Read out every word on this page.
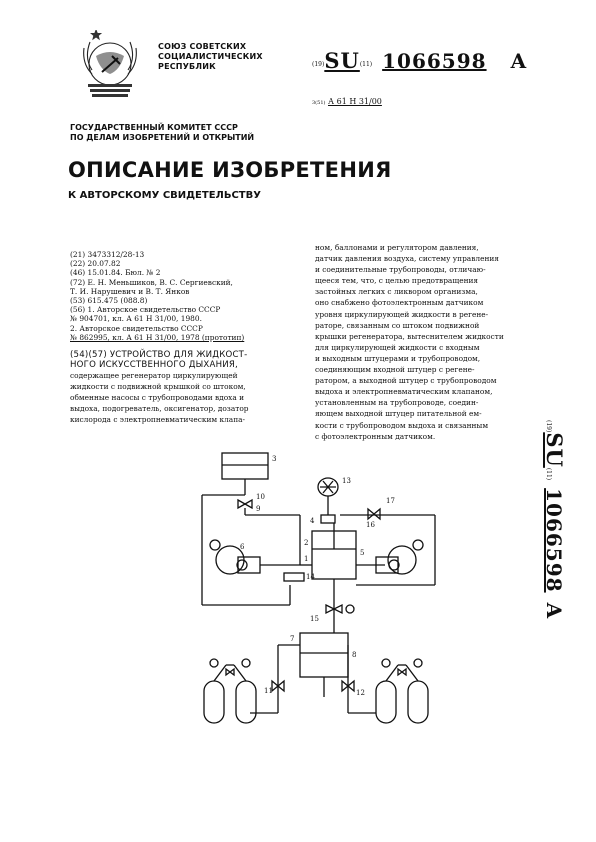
СОЮЗ СОВЕТСКИХ
СОЦИАЛИСТИЧЕСКИХ
РЕСПУБЛИК	(19)SU(11) 1066598 A
3(51) А 61 Н 31/00
ГОСУДАРСТВЕННЫЙ КОМИТЕТ СССР
ПО ДЕЛАМ ИЗОБРЕТЕНИЙ И ОТКРЫТИЙ
ОПИСАНИЕ ИЗОБРЕТЕНИЯ
К АВТОРСКОМУ СВИДЕТЕЛЬСТВУ
(21) 3473312/28-13
(22) 20.07.82
(46) 15.01.84. Бюл. № 2
(72) Е. Н. Меньшиков, В. С. Сергиевский,
Т. И. Нарушевич и В. Т. Янков
(53) 615.475 (088.8)
(56) 1. Авторское свидетельство СССР
№ 904701, кл. А 61 Н 31/00, 1980.
2. Авторское свидетельство СССР
№ 862995, кл. А 61 Н 31/00, 1978 (прототип)
(54)(57) УСТРОЙСТВО ДЛЯ ЖИДКОСТ-
НОГО ИСКУССТВЕННОГО ДЫХАНИЯ,
содержащее регенератор циркулирующей
жидкости с подвижной крышкой со штоком,
обменные насосы с трубопроводами вдоха и
выдоха, подогреватель, оксигенатор, дозатор
кислорода с электропневматическим клапа-
ном, баллонами и регулятором давления,
датчик давления воздуха, систему управления
и соединительные трубопроводы, отличаю-
щееся тем, что, с целью предотвращения
застойных легких с ликвором организма,
оно снабжено фотоэлектронным датчиком
уровня циркулирующей жидкости в регене-
раторе, связанным со штоком подвижной
крышки регенератора, вытеснителем жидкости
для циркулирующей жидкости с входным
и выходным штуцерами и трубопроводом,
соединяющим входной штуцер с регене-
ратором, а выходной штуцер с трубопроводом
выдоха и электропневматическим клапаном,
установленным на трубопроводе, соедин-
яющем выходной штуцер питательной ем-
кости с трубопроводом выдоха и связанным
с фотоэлектронным датчиком.
(19)SU(11)1066598A
3
10
9
13
17
16
4
2
1
6
5
14
15
7
8
11	12
